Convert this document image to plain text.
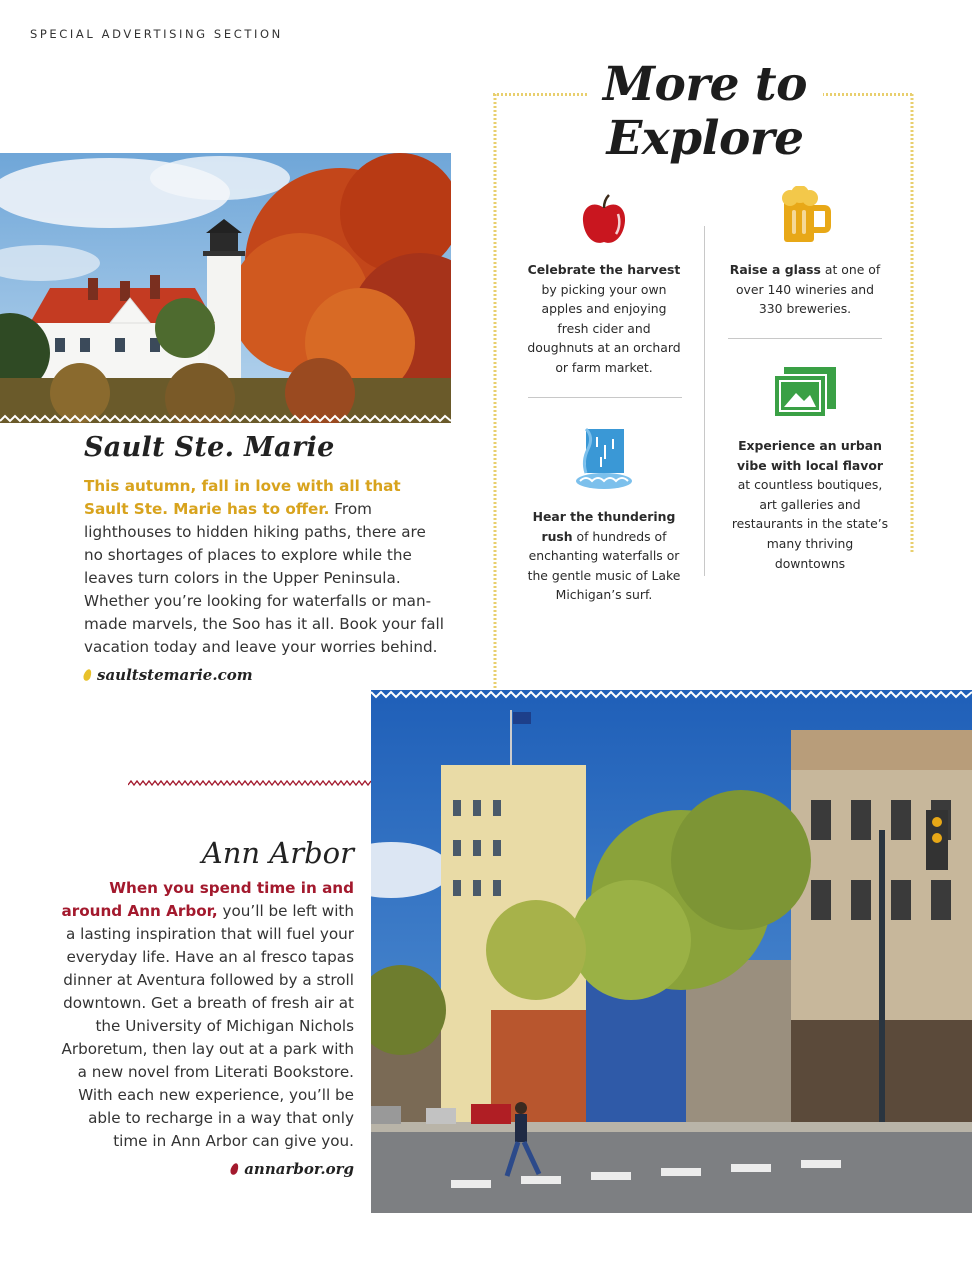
SPECIAL ADVERTISING SECTION
Sault Ste. Marie
This autumn, fall in love with all that Sault Ste. Marie has to offer. From lighthouses to hidden hiking paths, there are no shortages of places to explore while the leaves turn colors in the Upper Peninsula. Whether you’re looking for waterfalls or man-made marvels, the Soo has it all. Book your fall vacation today and leave your worries behind.
saultstemarie.com
More to
Explore
Celebrate the harvest by picking your own apples and enjoying fresh cider and doughnuts at an orchard or farm market.
Raise a glass at one of over 140 wineries and 330 breweries.
Hear the thundering rush of hundreds of enchanting waterfalls or the gentle music of Lake Michigan’s surf.
Experience an urban vibe with local flavor at countless boutiques, art galleries and restaurants in the state’s many thriving downtowns
Ann Arbor
When you spend time in and around Ann Arbor, you’ll be left with a lasting inspiration that will fuel your everyday life. Have an al fresco tapas dinner at Aventura followed by a stroll downtown. Get a breath of fresh air at the University of Michigan Nichols Arboretum, then lay out at a park with a new novel from Literati Bookstore. With each new experience, you’ll be able to recharge in a way that only time in Ann Arbor can give you.
annarbor.org
